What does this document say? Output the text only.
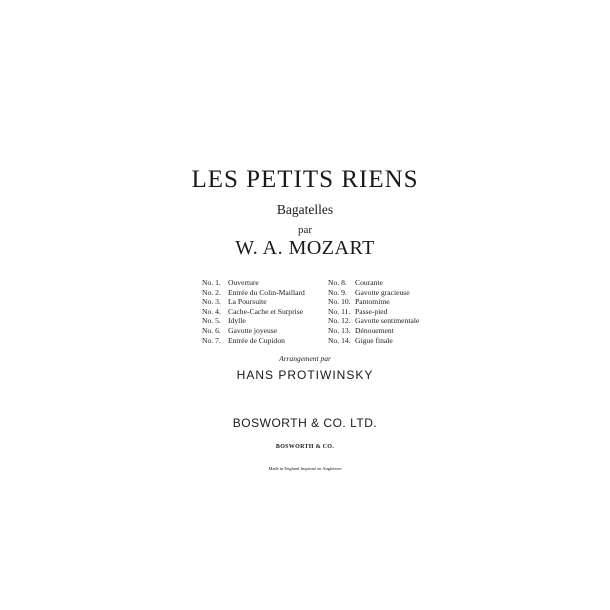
LES PETITS RIENS
Bagatelles
par
W. A. MOZART
No. 1. Ouverture
No. 2. Entrée du Colin-Maillard
No. 3. La Poursuite
No. 4. Cache-Cache et Surprise
No. 5. Idylle
No. 6. Gavotte joyeuse
No. 7. Entrée de Cupidon
No. 8. Courante
No. 9. Gavotte gracieuse
No. 10. Pantomime
No. 11. Passe-pied
No. 12. Gavotte sentimentale
No. 13. Dénouement
No. 14. Gigue finale
Arrangement par
HANS PROTIWINSKY
BOSWORTH & CO. LTD.
BOSWORTH & CO.
Made in England Imprimé en Angleterre
